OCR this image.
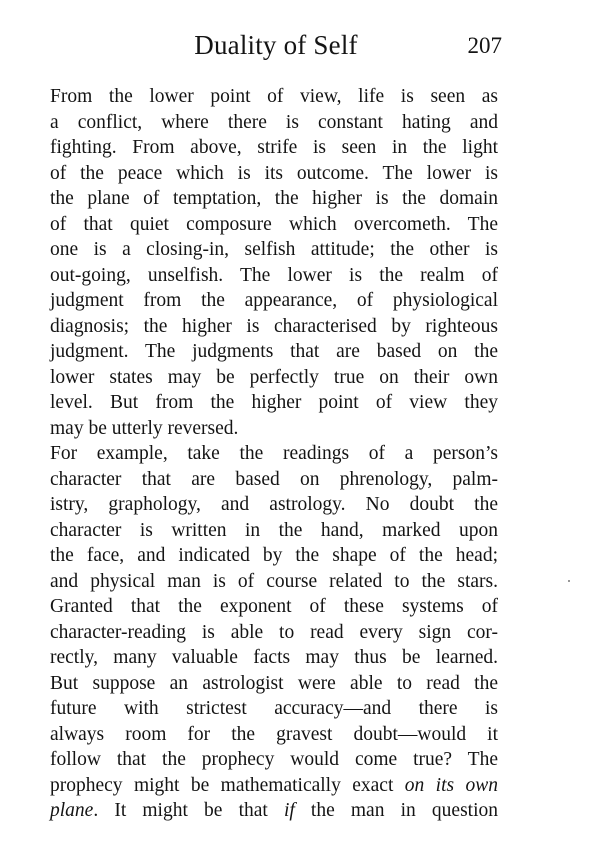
Duality of Self	207
From the lower point of view, life is seen as
a conflict, where there is constant hating and
fighting. From above, strife is seen in the light
of the peace which is its outcome. The lower is
the plane of temptation, the higher is the domain
of that quiet composure which overcometh. The
one is a closing-in, selfish attitude; the other is
out-going, unselfish. The lower is the realm of
judgment from the appearance, of physiological
diagnosis; the higher is characterised by righteous
judgment. The judgments that are based on the
lower states may be perfectly true on their own
level. But from the higher point of view they
may be utterly reversed.
For example, take the readings of a person’s
character that are based on phrenology, palm-
istry, graphology, and astrology. No doubt the
character is written in the hand, marked upon
the face, and indicated by the shape of the head;
and physical man is of course related to the stars.
Granted that the exponent of these systems of
character-reading is able to read every sign cor-
rectly, many valuable facts may thus be learned.
But suppose an astrologist were able to read the
future with strictest accuracy—and there is
always room for the gravest doubt—would it
follow that the prophecy would come true? The
prophecy might be mathematically exact on its own
plane. It might be that if the man in question
